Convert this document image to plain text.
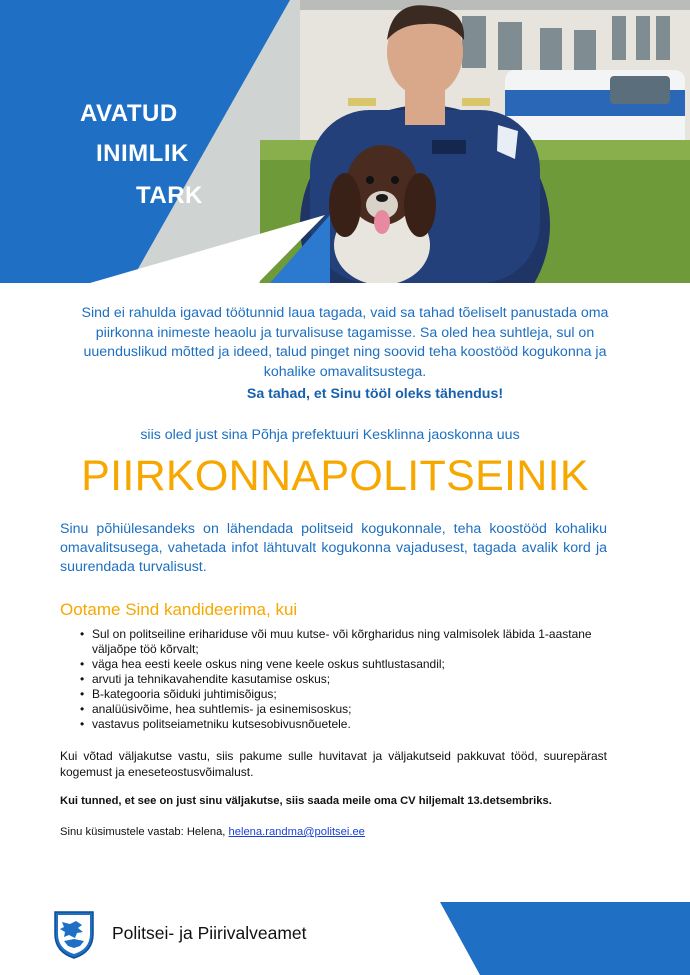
AVATUD
INIMLIK
TARK
Sind ei rahulda igavad töötunnid laua tagada, vaid sa tahad tõeliselt panustada oma piirkonna inimeste heaolu ja turvalisuse tagamisse. Sa oled hea suhtleja, sul on uuenduslikud mõtted ja ideed, talud pinget ning soovid teha koostööd kogukonna ja kohalike omavalitsustega.
Sa tahad, et Sinu tööl oleks tähendus!
siis oled just sina Põhja prefektuuri Kesklinna jaoskonna uus
PIIRKONNAPOLITSEINIK
Sinu põhiülesandeks on lähendada politseid kogukonnale, teha koostööd kohaliku omavalitsusega, vahetada infot lähtuvalt kogukonna vajadusest, tagada avalik kord ja suurendada turvalisust.
Ootame Sind kandideerima, kui
• Sul on politseiline erihariduse või muu kutse- või kõrgharidus ning valmisolek läbida 1-aastane väljaõpe töö kõrvalt;
• väga hea eesti keele oskus ning vene keele oskus suhtlustasandil;
• arvuti ja tehnikavahendite kasutamise oskus;
• B-kategooria sõiduki juhtimisõigus;
• analüüsivõime, hea suhtlemis- ja esinemisoskus;
• vastavus politseiametniku kutsesobivusnõuetele.
Kui võtad väljakutse vastu, siis pakume sulle huvitavat ja väljakutseid pakkuvat tööd, suurepärast kogemust ja eneseteostusvõimalust.
Kui tunned, et see on just sinu väljakutse, siis saada meile oma CV hiljemalt 13.detsembriks.
Sinu küsimustele vastab: Helena, helena.randma@politsei.ee
Politsei- ja Piirivalveamet
